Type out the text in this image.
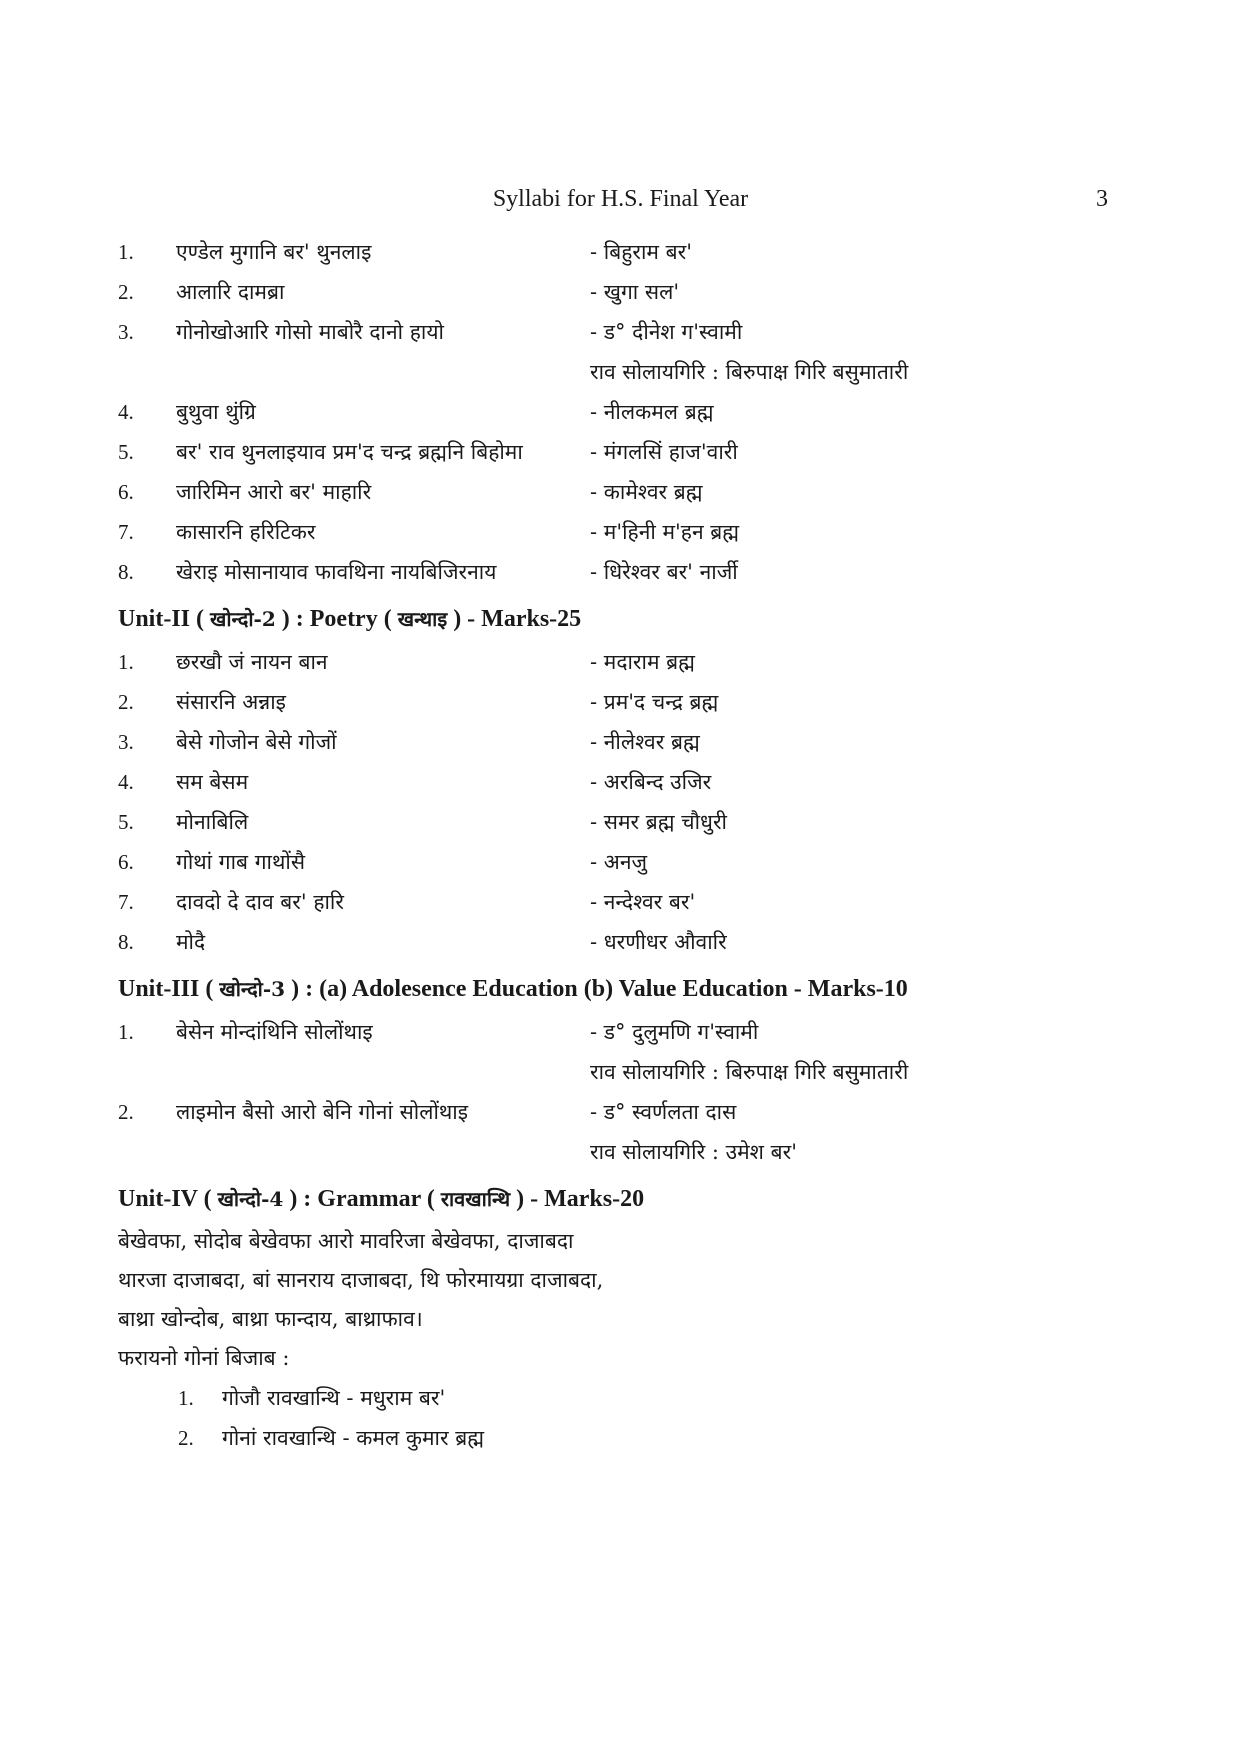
Syllabi for H.S. Final Year	3
1.	एण्डेल मुगानि बर' थुनलाइ	- बिहुराम बर'
2.	आलारि दामब्रा	- खुगा सल'
3.	गोनोखोआरि गोसो माबोरै दानो हायो	- ड° दीनेश ग'स्वामी
राव सोलायगिरि : बिरुपाक्ष गिरि बसुमातारी
4.	बुथुवा थुंग्रि	- नीलकमल ब्रह्म
5.	बर' राव थुनलाइयाव प्रम'द चन्द्र ब्रह्मनि बिहोमा	- मंगलसिं हाज'वारी
6.	जारिमिन आरो बर' माहारि	- कामेश्वर ब्रह्म
7.	कासारनि हरिटिकर	- म'हिनी म'हन ब्रह्म
8.	खेराइ मोसानायाव फावथिना नायबिजिरनाय	- धिरेश्वर बर' नार्जी
Unit-II ( खोन्दो-2 ) : Poetry ( खन्थाइ ) - Marks-25
1.	छरखौ जं नायन बान	- मदाराम ब्रह्म
2.	संसारनि अन्नाइ	- प्रम'द चन्द्र ब्रह्म
3.	बेसे गोजोन बेसे गोजों	- नीलेश्वर ब्रह्म
4.	सम बेसम	- अरबिन्द उजिर
5.	मोनाबिलि	- समर ब्रह्म चौधुरी
6.	गोथां गाब गाथोंसै	- अनजु
7.	दावदो दे दाव बर' हारि	- नन्देश्वर बर'
8.	मोदै	- धरणीधर औवारि
Unit-III ( खोन्दो-3 ) : (a) Adolesence Education (b) Value Education - Marks-10
1.	बेसेन मोन्दांथिनि सोलोंथाइ	- ड° दुलुमणि ग'स्वामी
राव सोलायगिरि : बिरुपाक्ष गिरि बसुमातारी
2.	लाइमोन बैसो आरो बेनि गोनां सोलोंथाइ	- ड° स्वर्णलता दास
राव सोलायगिरि : उमेश बर'
Unit-IV ( खोन्दो-4 ) : Grammar ( रावखान्थि ) - Marks-20
बेखेवफा, सोदोब बेखेवफा आरो मावरिजा बेखेवफा, दाजाबदा
थारजा दाजाबदा, बां सानराय दाजाबदा, थि फोरमायग्रा दाजाबदा,
बाथ्रा खोन्दोब, बाथ्रा फान्दाय, बाथ्राफाव।
फरायनो गोनां बिजाब :
1. गोजौ रावखान्थि - मधुराम बर'
2. गोनां रावखान्थि - कमल कुमार ब्रह्म
